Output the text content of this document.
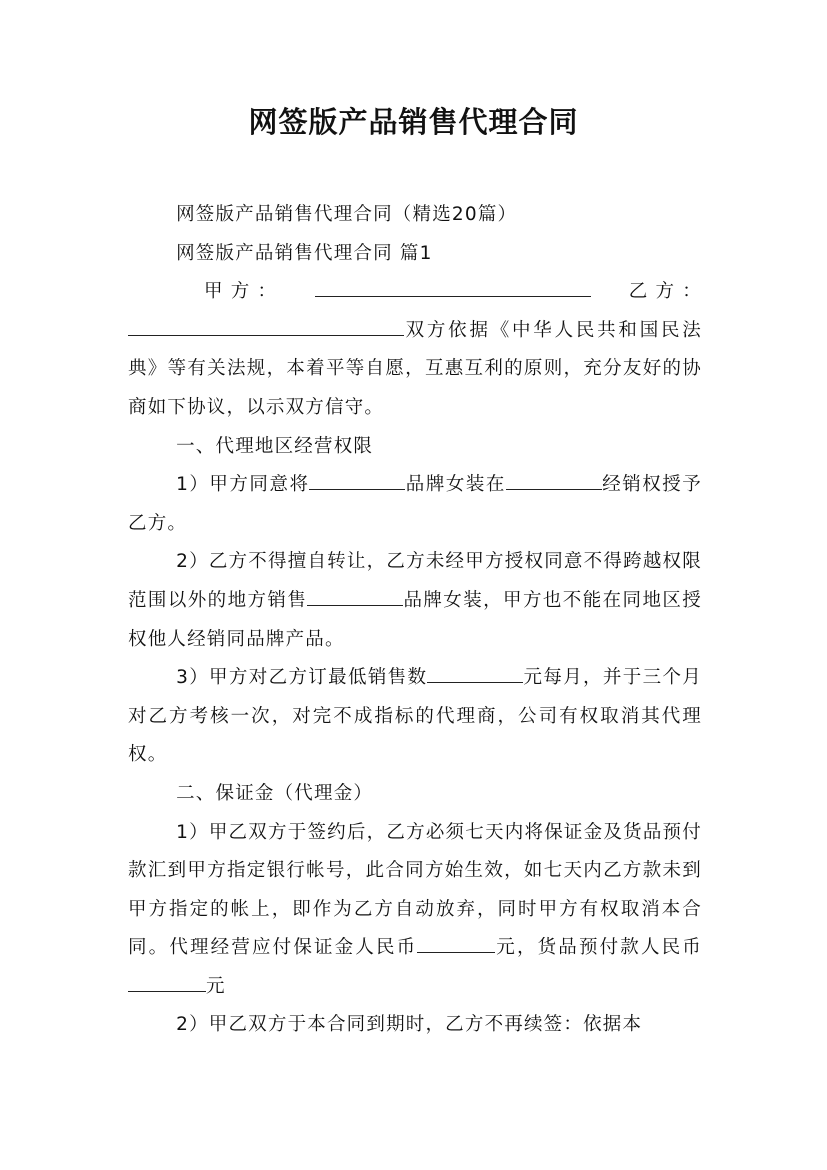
网签版产品销售代理合同

网签版产品销售代理合同（精选20篇）

网签版产品销售代理合同 篇1

甲 方 ：	乙 方 ：

双方依据《中华人民共和国民法典》等有关法规，本着平等自愿，互惠互利的原则，充分友好的协商如下协议，以示双方信守。

一、代理地区经营权限

1）甲方同意将	品牌女装在	经销权授予乙方。

2）乙方不得擅自转让，乙方未经甲方授权同意不得跨越权限范围以外的地方销售	品牌女装，甲方也不能在同地区授权他人经销同品牌产品。

3）甲方对乙方订最低销售数	元每月，并于三个月对乙方考核一次，对完不成指标的代理商，公司有权取消其代理权。

二、保证金（代理金）

1）甲乙双方于签约后，乙方必须七天内将保证金及货品预付款汇到甲方指定银行帐号，此合同方始生效，如七天内乙方款未到甲方指定的帐上，即作为乙方自动放弃，同时甲方有权取消本合同。代理经营应付保证金人民币	元，货品预付款人民币元

2）甲乙双方于本合同到期时，乙方不再续签：依据本
